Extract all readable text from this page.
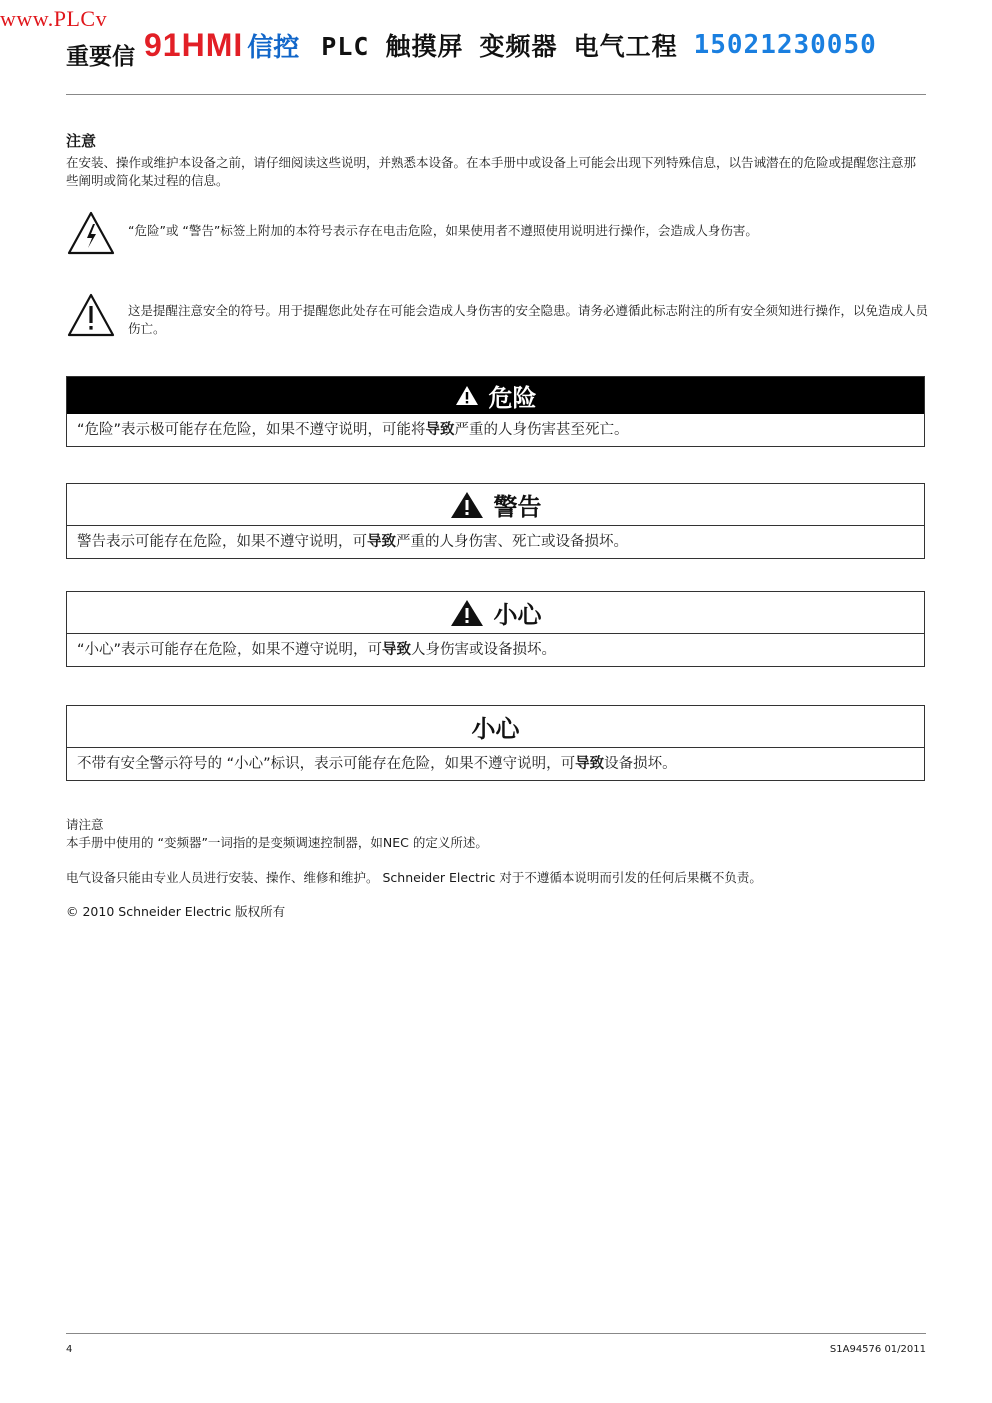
www.PLCv
重要信 91HMI 信控 PLC 触摸屏 变频器 电气工程 15021230050
注意
在安装、操作或维护本设备之前，请仔细阅读这些说明，并熟悉本设备。在本手册中或设备上可能会出现下列特殊信息，以告诫潜在的危险或提醒您注意那些阐明或简化某过程的信息。
“危险”或 “警告”标签上附加的本符号表示存在电击危险，如果使用者不遵照使用说明进行操作，会造成人身伤害。
这是提醒注意安全的符号。用于提醒您此处存在可能会造成人身伤害的安全隐患。请务必遵循此标志附注的所有安全须知进行操作，以免造成人员伤亡。
危险
“危险”表示极可能存在危险，如果不遵守说明，可能将导致严重的人身伤害甚至死亡。
警告
警告表示可能存在危险，如果不遵守说明，可导致严重的人身伤害、死亡或设备损坏。
小心
“小心”表示可能存在危险，如果不遵守说明，可导致人身伤害或设备损坏。
小心
不带有安全警示符号的 “小心”标识，表示可能存在危险，如果不遵守说明，可导致设备损坏。
请注意
本手册中使用的 “变频器”一词指的是变频调速控制器，如NEC 的定义所述。
电气设备只能由专业人员进行安装、操作、维修和维护。 Schneider Electric 对于不遵循本说明而引发的任何后果概不负责。
© 2010 Schneider Electric 版权所有
4	S1A94576 01/2011
